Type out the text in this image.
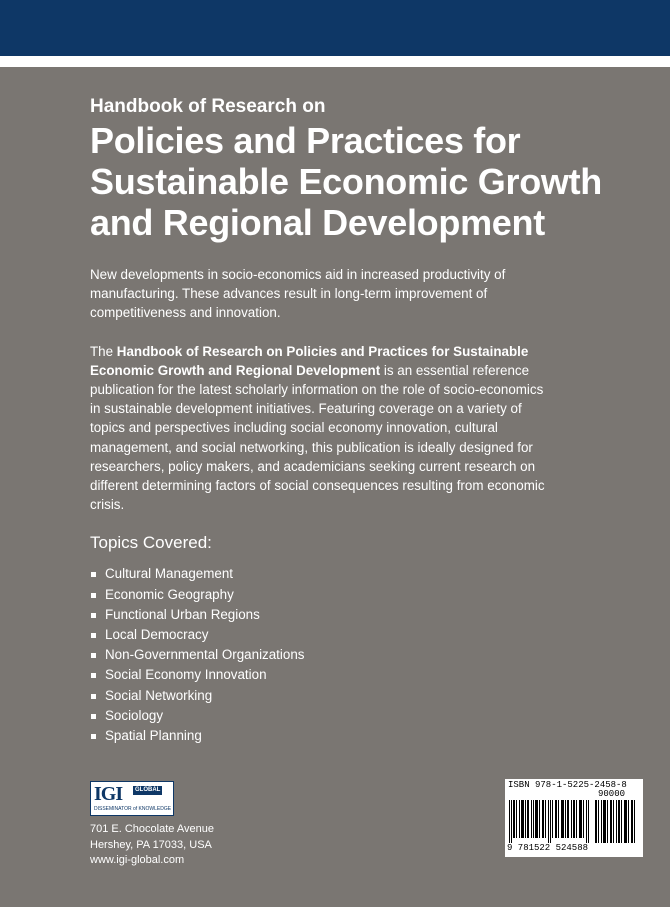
Handbook of Research on

Policies and Practices for
Sustainable Economic Growth
and Regional Development

New developments in socio-economics aid in increased productivity of manufacturing. These advances result in long-term improvement of competitiveness and innovation.

The Handbook of Research on Policies and Practices for Sustainable Economic Growth and Regional Development is an essential reference publication for the latest scholarly information on the role of socio-economics in sustainable development initiatives. Featuring coverage on a variety of topics and perspectives including social economy innovation, cultural management, and social networking, this publication is ideally designed for researchers, policy makers, and academicians seeking current research on different determining factors of social consequences resulting from economic crisis.

Topics Covered:
Cultural Management
Economic Geography
Functional Urban Regions
Local Democracy
Non-Governmental Organizations
Social Economy Innovation
Social Networking
Sociology
Spatial Planning
IGI	GLOBAL
DISSEMINATOR of KNOWLEDGE
701 E. Chocolate Avenue
Hershey, PA 17033, USA
www.igi-global.com
ISBN 978-1-5225-2458-8
90000
9 781522 524588
